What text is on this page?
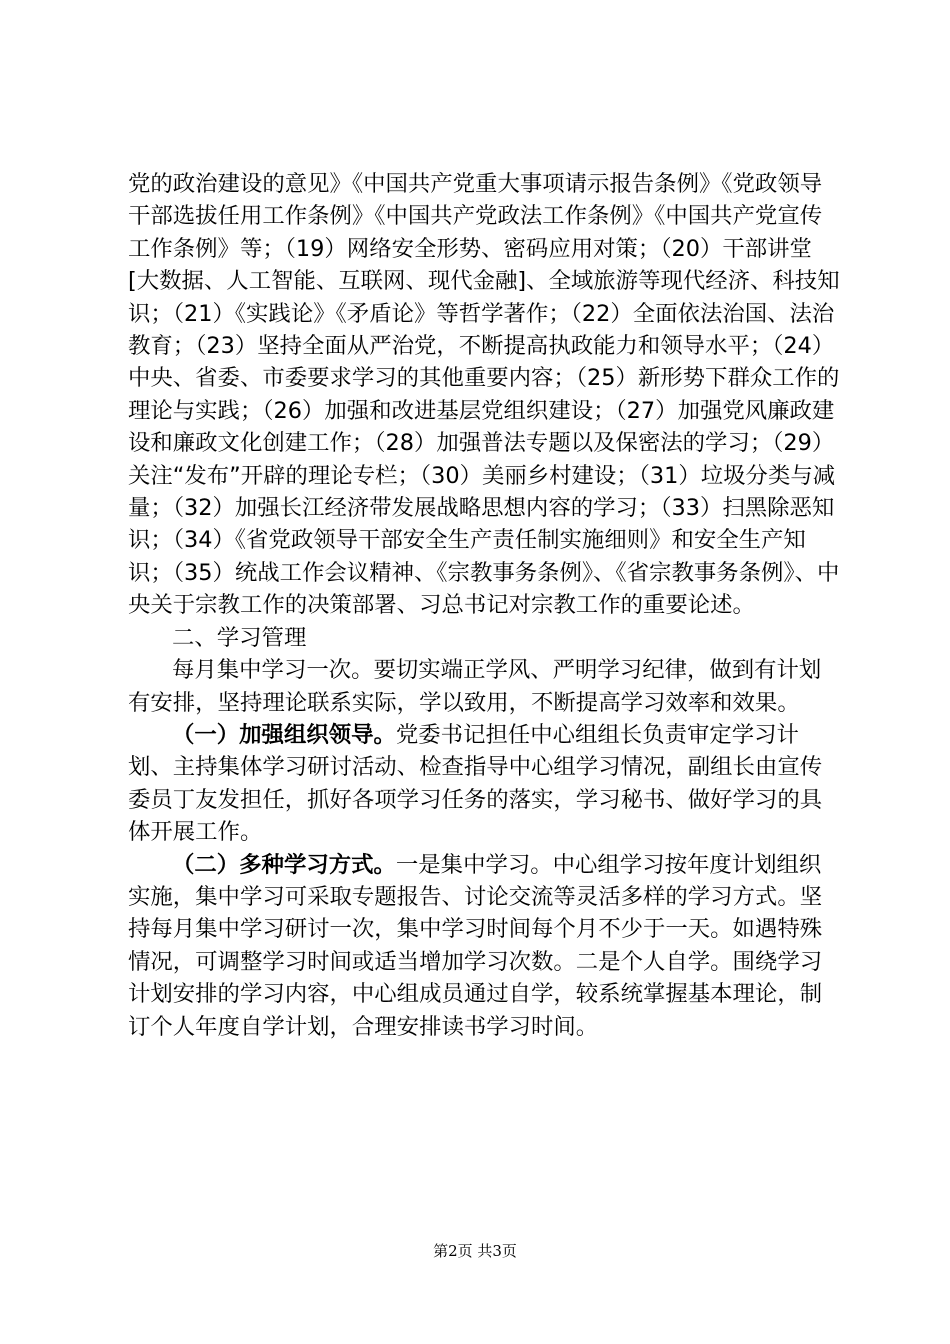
党的政治建设的意见》《中国共产党重大事项请示报告条例》《党政领导干部选拔任用工作条例》《中国共产党政法工作条例》《中国共产党宣传工作条例》等；（19）网络安全形势、密码应用对策；（20）干部讲堂[大数据、人工智能、互联网、现代金融]、全域旅游等现代经济、科技知识；（21）《实践论》《矛盾论》等哲学著作；（22）全面依法治国、法治教育；（23）坚持全面从严治党，不断提高执政能力和领导水平；（24）中央、省委、市委要求学习的其他重要内容；（25）新形势下群众工作的理论与实践；（26）加强和改进基层党组织建设；（27）加强党风廉政建设和廉政文化创建工作；（28）加强普法专题以及保密法的学习；（29）关注“发布”开辟的理论专栏；（30）美丽乡村建设；（31）垃圾分类与减量；（32）加强长江经济带发展战略思想内容的学习；（33）扫黑除恶知识；（34）《省党政领导干部安全生产责任制实施细则》和安全生产知识；（35）统战工作会议精神、《宗教事务条例》、《省宗教事务条例》、中央关于宗教工作的决策部署、习总书记对宗教工作的重要论述。

二、学习管理

每月集中学习一次。要切实端正学风、严明学习纪律，做到有计划有安排，坚持理论联系实际，学以致用，不断提高学习效率和效果。

（一）加强组织领导。党委书记担任中心组组长负责审定学习计划、主持集体学习研讨活动、检查指导中心组学习情况，副组长由宣传委员丁友发担任，抓好各项学习任务的落实，学习秘书、做好学习的具体开展工作。

（二）多种学习方式。一是集中学习。中心组学习按年度计划组织实施，集中学习可采取专题报告、讨论交流等灵活多样的学习方式。坚持每月集中学习研讨一次，集中学习时间每个月不少于一天。如遇特殊情况，可调整学习时间或适当增加学习次数。二是个人自学。围绕学习计划安排的学习内容，中心组成员通过自学，较系统掌握基本理论，制订个人年度自学计划，合理安排读书学习时间。

第2页 共3页
